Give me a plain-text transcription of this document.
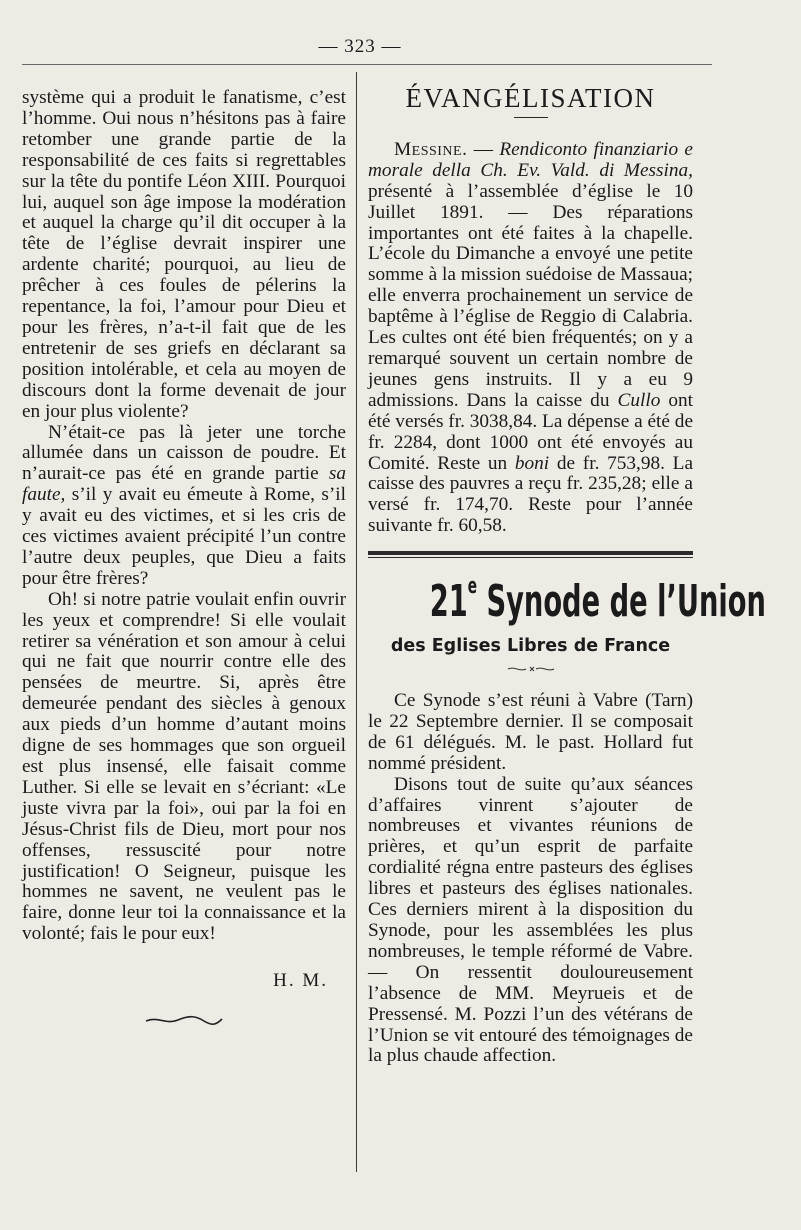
— 323 —

système qui a produit le fanatisme, c’est l’homme. Oui nous n’hésitons pas à faire retomber une grande partie de la responsabilité de ces faits si regrettables sur la tête du pontife Léon XIII. Pourquoi lui, auquel son âge impose la modération et auquel la charge qu’il dit occuper à la tête de l’église devrait inspirer une ardente charité; pourquoi, au lieu de prêcher à ces foules de pélerins la repentance, la foi, l’amour pour Dieu et pour les frères, n’a-t-il fait que de les entretenir de ses griefs en déclarant sa position intolérable, et cela au moyen de discours dont la forme devenait de jour en jour plus violente?

N’était-ce pas là jeter une torche allumée dans un caisson de poudre. Et n’aurait-ce pas été en grande partie sa faute, s’il y avait eu émeute à Rome, s’il y avait eu des victimes, et si les cris de ces victimes avaient précipité l’un contre l’autre deux peuples, que Dieu a faits pour être frères?

Oh! si notre patrie voulait enfin ouvrir les yeux et comprendre! Si elle voulait retirer sa vénération et son amour à celui qui ne fait que nourrir contre elle des pensées de meurtre. Si, après être demeurée pendant des siècles à genoux aux pieds d’un homme d’autant moins digne de ses hommages que son orgueil est plus insensé, elle faisait comme Luther. Si elle se levait en s’écriant: «Le juste vivra par la foi», oui par la foi en Jésus-Christ fils de Dieu, mort pour nos offenses, ressuscité pour notre justification! O Seigneur, puisque les hommes ne savent, ne veulent pas le faire, donne leur toi la connaissance et la volonté; fais le pour eux!

H. M.
ÉVANGÉLISATION

Messine. — Rendiconto finanziario e morale della Ch. Ev. Vald. di Messina, présenté à l’assemblée d’église le 10 Juillet 1891. — Des réparations importantes ont été faites à la chapelle. L’école du Dimanche a envoyé une petite somme à la mission suédoise de Massaua; elle enverra prochainement un service de baptême à l’église de Reggio di Calabria. Les cultes ont été bien fréquentés; on y a remarqué souvent un certain nombre de jeunes gens instruits. Il y a eu 9 admissions. Dans la caisse du Cullo ont été versés fr. 3038,84. La dépense a été de fr. 2284, dont 1000 ont été envoyés au Comité. Reste un boni de fr. 753,98. La caisse des pauvres a reçu fr. 235,28; elle a versé fr. 174,70. Reste pour l’année suivante fr. 60,58.

21e Synode de l’Union
des Eglises Libres de France

Ce Synode s’est réuni à Vabre (Tarn) le 22 Septembre dernier. Il se composait de 61 délégués. M. le past. Hollard fut nommé président.

Disons tout de suite qu’aux séances d’affaires vinrent s’ajouter de nombreuses et vivantes réunions de prières, et qu’un esprit de parfaite cordialité régna entre pasteurs des églises libres et pasteurs des églises nationales. Ces derniers mirent à la disposition du Synode, pour les assemblées les plus nombreuses, le temple réformé de Vabre. — On ressentit douloureusement l’absence de MM. Meyrueis et de Pressensé. M. Pozzi l’un des vétérans de l’Union se vit entouré des témoignages de la plus chaude affection.
